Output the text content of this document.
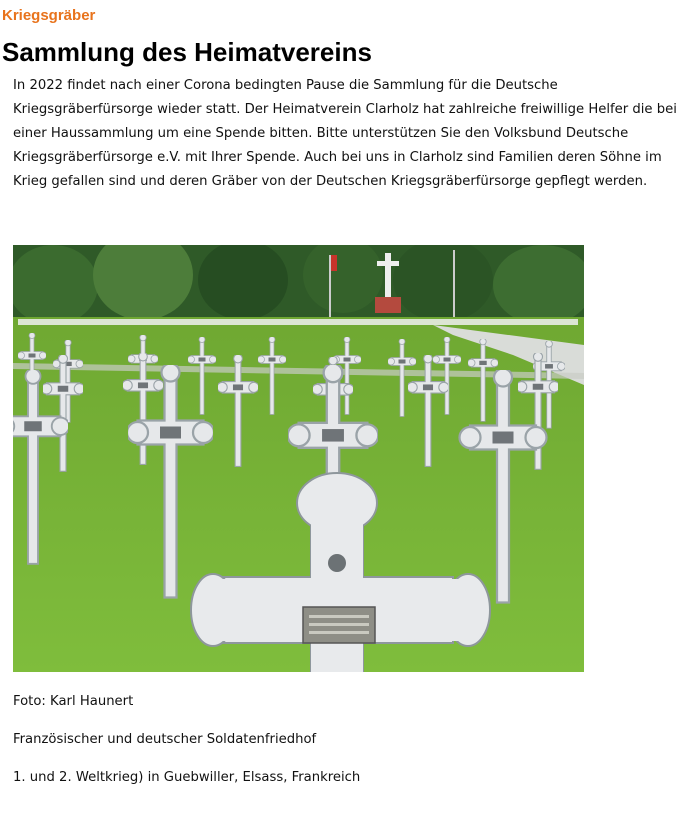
Kriegsgräber
Sammlung des Heimatvereins
In 2022 findet nach einer Corona bedingten Pause die Sammlung für die Deutsche
Kriegsgräberfürsorge wieder statt. Der Heimatverein Clarholz hat zahlreiche freiwillige Helfer die bei
einer Haussammlung um eine Spende bitten. Bitte unterstützen Sie den Volksbund Deutsche
Kriegsgräberfürsorge e.V. mit Ihrer Spende. Auch bei uns in Clarholz sind Familien deren Söhne im
Krieg gefallen sind und deren Gräber von der Deutschen Kriegsgräberfürsorge gepflegt werden.

Foto: Karl Haunert

Französischer und deutscher Soldatenfriedhof

1. und 2. Weltkrieg) in Guebwiller, Elsass, Frankreich
